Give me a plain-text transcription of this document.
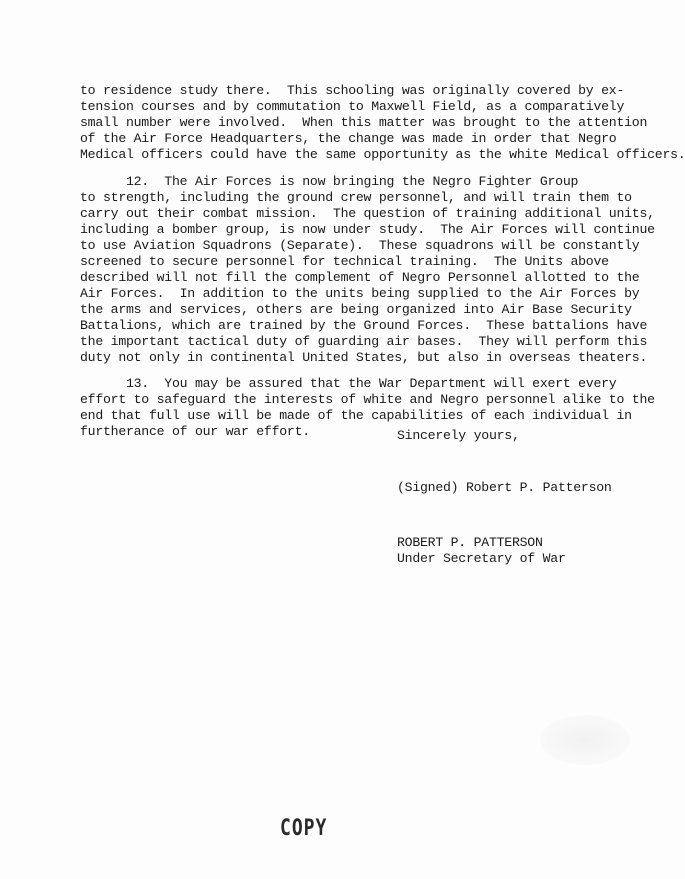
to residence study there.  This schooling was originally covered by ex-
tension courses and by commutation to Maxwell Field, as a comparatively
small number were involved.  When this matter was brought to the attention
of the Air Force Headquarters, the change was made in order that Negro
Medical officers could have the same opportunity as the white Medical officers.
12.  The Air Forces is now bringing the Negro Fighter Group
to strength, including the ground crew personnel, and will train them to
carry out their combat mission.  The question of training additional units,
including a bomber group, is now under study.  The Air Forces will continue
to use Aviation Squadrons (Separate).  These squadrons will be constantly
screened to secure personnel for technical training.  The Units above
described will not fill the complement of Negro Personnel allotted to the
Air Forces.  In addition to the units being supplied to the Air Forces by
the arms and services, others are being organized into Air Base Security
Battalions, which are trained by the Ground Forces.  These battalions have
the important tactical duty of guarding air bases.  They will perform this
duty not only in continental United States, but also in overseas theaters.
13.  You may be assured that the War Department will exert every
effort to safeguard the interests of white and Negro personnel alike to the
end that full use will be made of the capabilities of each individual in
furtherance of our war effort.	Sincerely yours,
(Signed) Robert P. Patterson
ROBERT P. PATTERSON
Under Secretary of War
COPY
